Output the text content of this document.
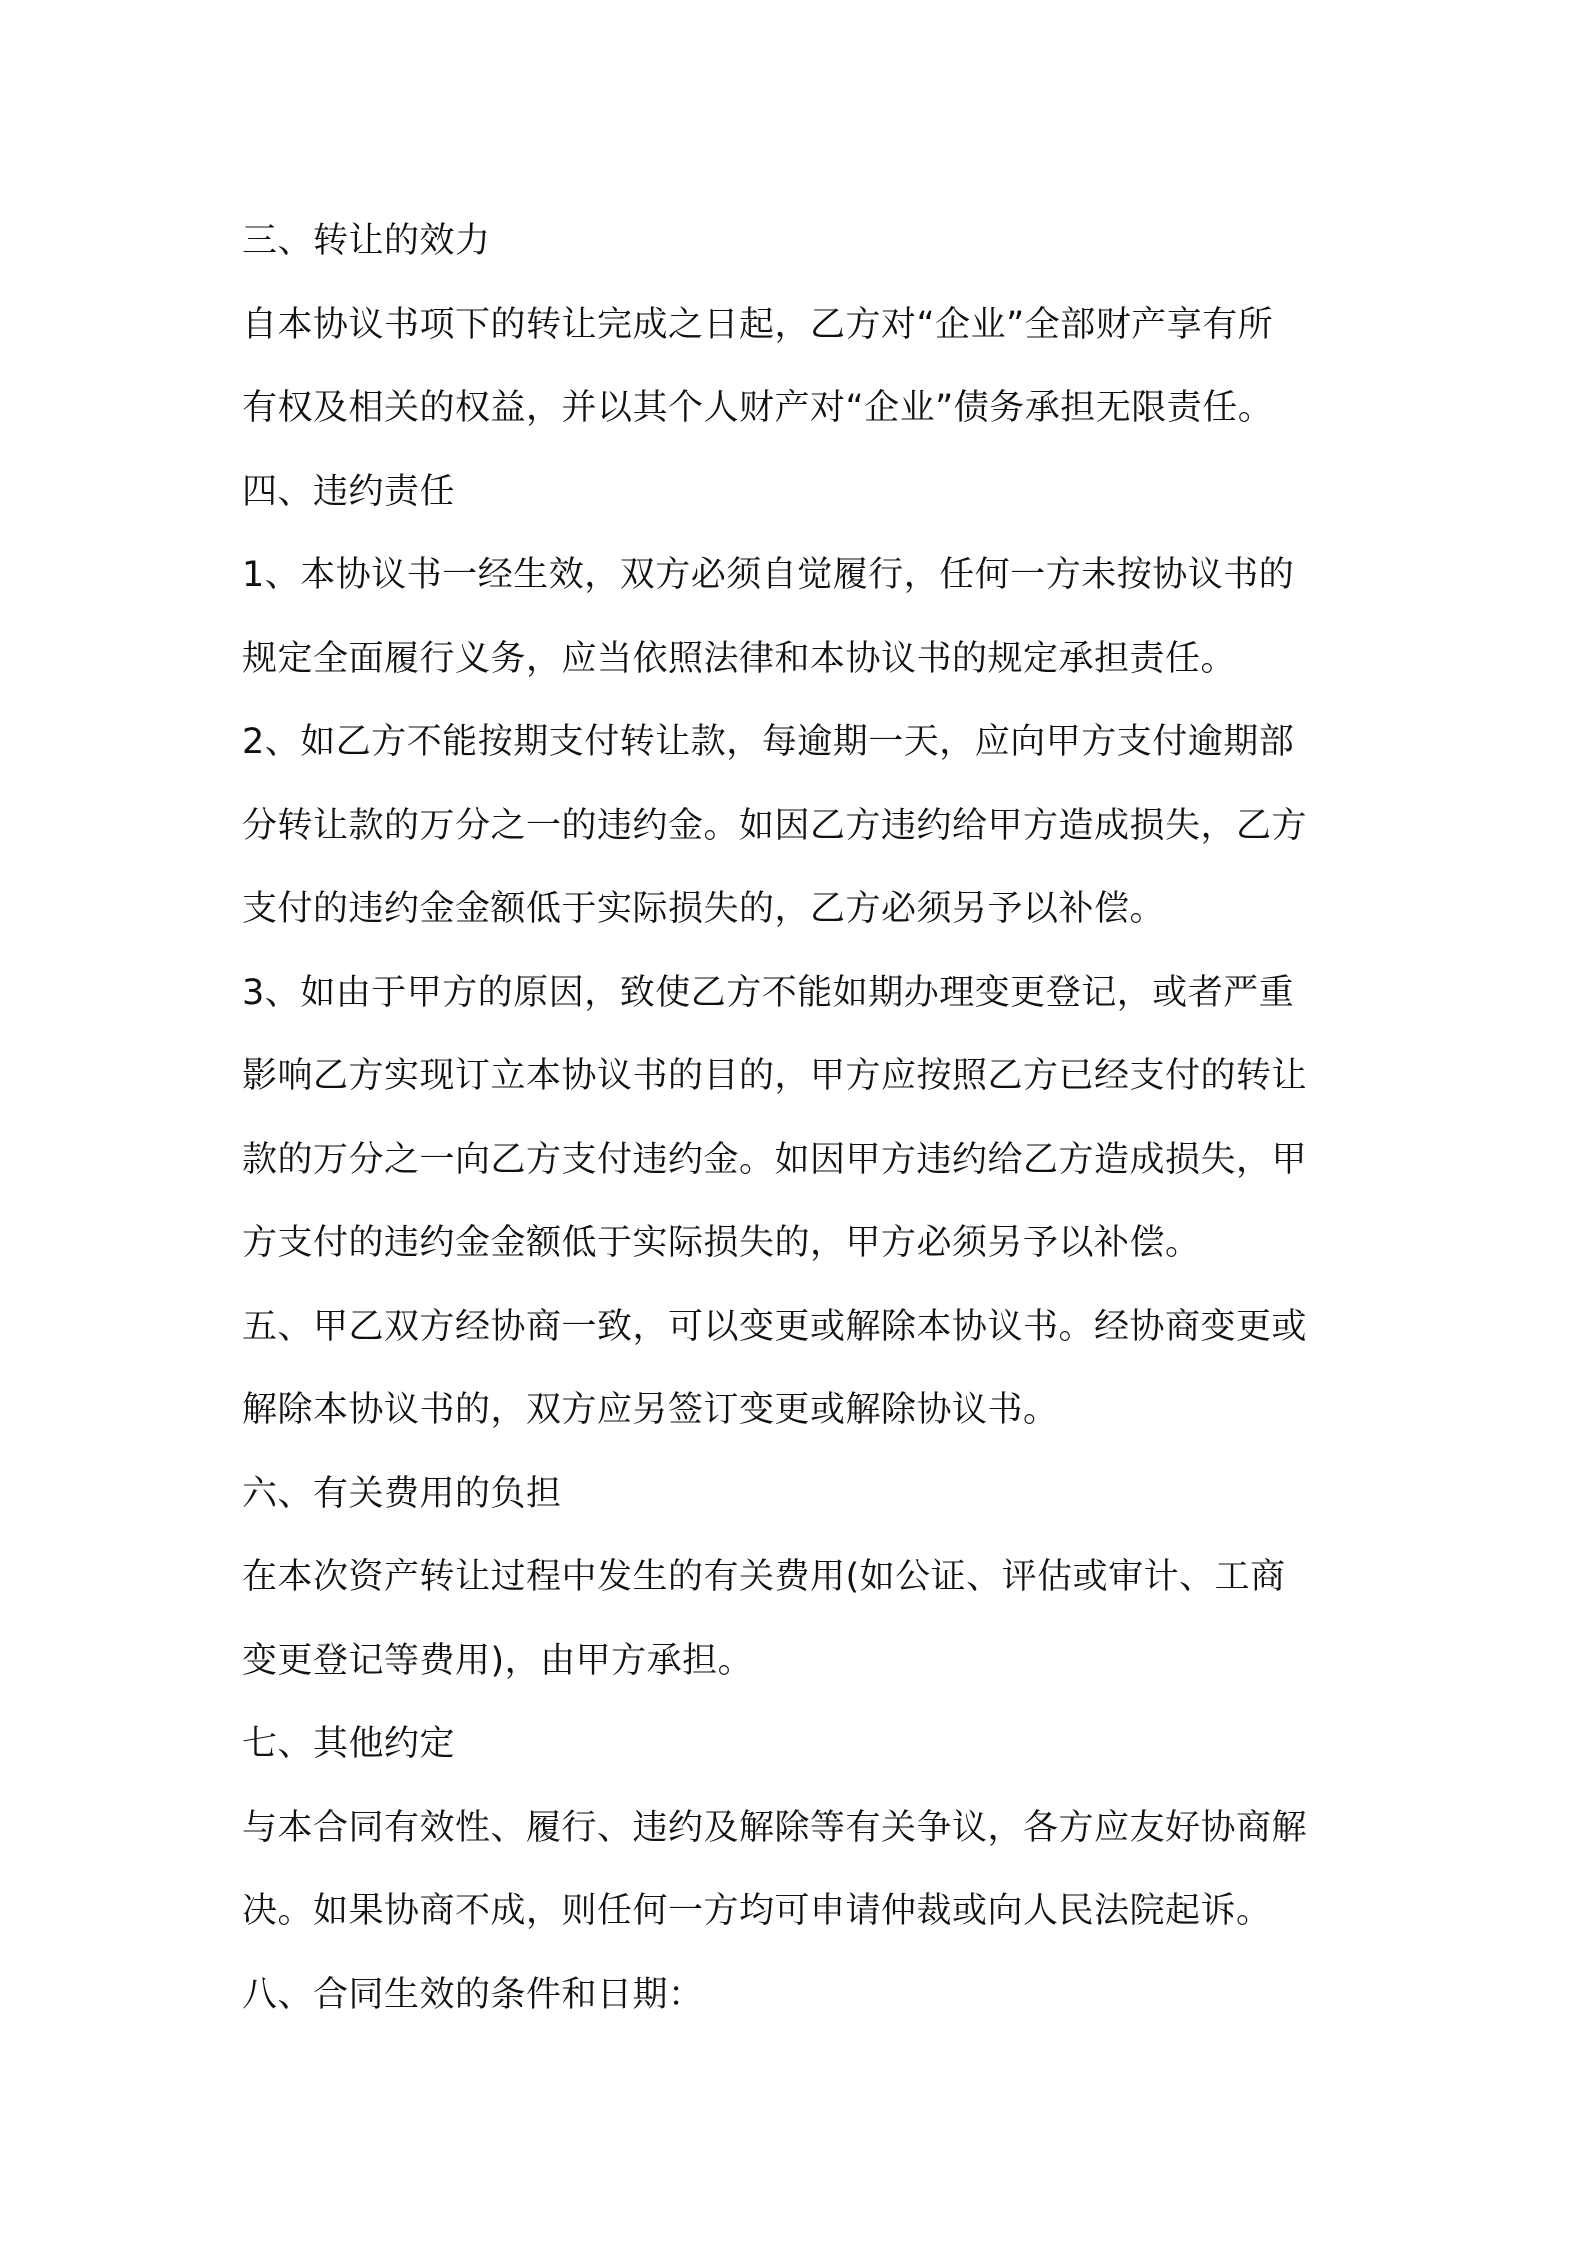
三、转让的效力
自本协议书项下的转让完成之日起，乙方对“企业”全部财产享有所
有权及相关的权益，并以其个人财产对“企业”债务承担无限责任。
四、违约责任
1、本协议书一经生效，双方必须自觉履行，任何一方未按协议书的
规定全面履行义务，应当依照法律和本协议书的规定承担责任。
2、如乙方不能按期支付转让款，每逾期一天，应向甲方支付逾期部
分转让款的万分之一的违约金。如因乙方违约给甲方造成损失，乙方
支付的违约金金额低于实际损失的，乙方必须另予以补偿。
3、如由于甲方的原因，致使乙方不能如期办理变更登记，或者严重
影响乙方实现订立本协议书的目的，甲方应按照乙方已经支付的转让
款的万分之一向乙方支付违约金。如因甲方违约给乙方造成损失，甲
方支付的违约金金额低于实际损失的，甲方必须另予以补偿。
五、甲乙双方经协商一致，可以变更或解除本协议书。经协商变更或
解除本协议书的，双方应另签订变更或解除协议书。
六、有关费用的负担
在本次资产转让过程中发生的有关费用(如公证、评估或审计、工商
变更登记等费用)，由甲方承担。
七、其他约定
与本合同有效性、履行、违约及解除等有关争议，各方应友好协商解
决。如果协商不成，则任何一方均可申请仲裁或向人民法院起诉。
八、合同生效的条件和日期：
